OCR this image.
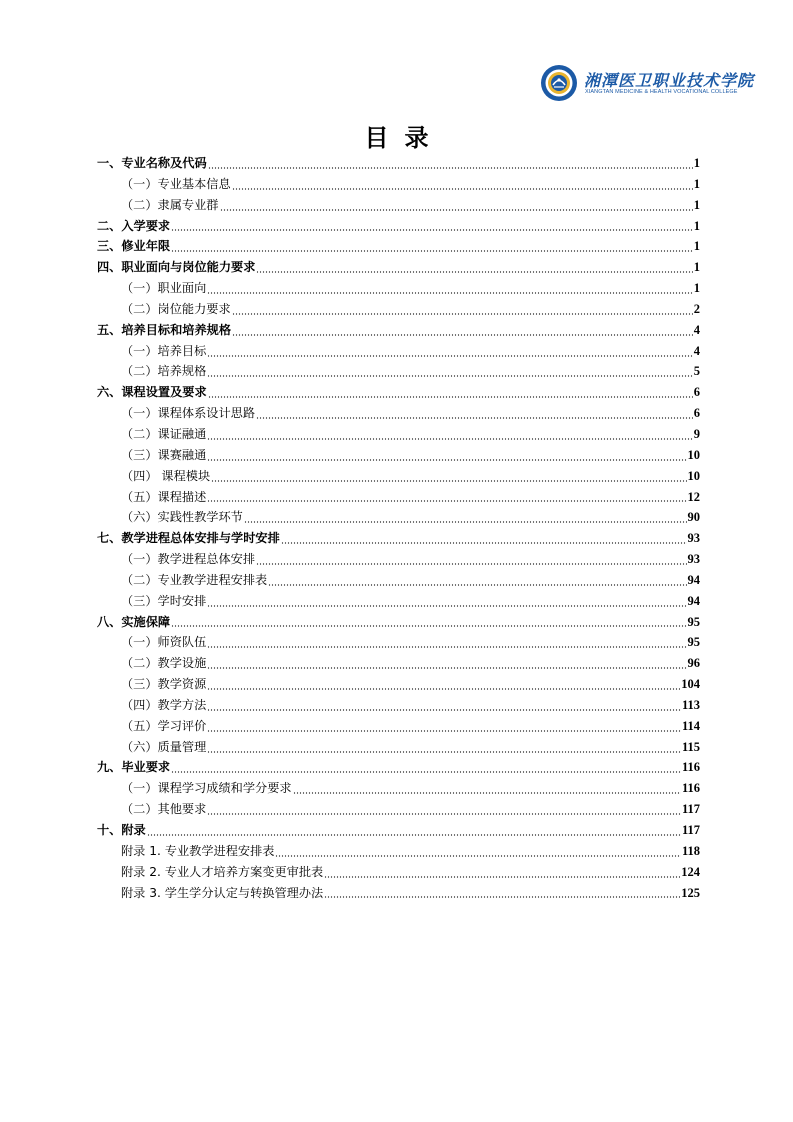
湘潭医卫职业技术学院
XIANGTAN MEDICINE & HEALTH VOCATIONAL COLLEGE
目录
一、专业名称及代码	1
（一）专业基本信息	1
（二）隶属专业群	1
二、入学要求	1
三、修业年限	1
四、职业面向与岗位能力要求	1
（一）职业面向	1
（二）岗位能力要求	2
五、培养目标和培养规格	4
（一）培养目标	4
（二）培养规格	5
六、课程设置及要求	6
（一）课程体系设计思路	6
（二）课证融通	9
（三）课赛融通	10
（四） 课程模块	10
（五）课程描述	12
（六）实践性教学环节	90
七、教学进程总体安排与学时安排	93
（一）教学进程总体安排	93
（二）专业教学进程安排表	94
（三）学时安排	94
八、实施保障	95
（一）师资队伍	95
（二）教学设施	96
（三）教学资源	104
（四）教学方法	113
（五）学习评价	114
（六）质量管理	115
九、毕业要求	116
（一）课程学习成绩和学分要求	116
（二）其他要求	117
十、附录	117
附录 1. 专业教学进程安排表	118
附录 2. 专业人才培养方案变更审批表	124
附录 3. 学生学分认定与转换管理办法	125
